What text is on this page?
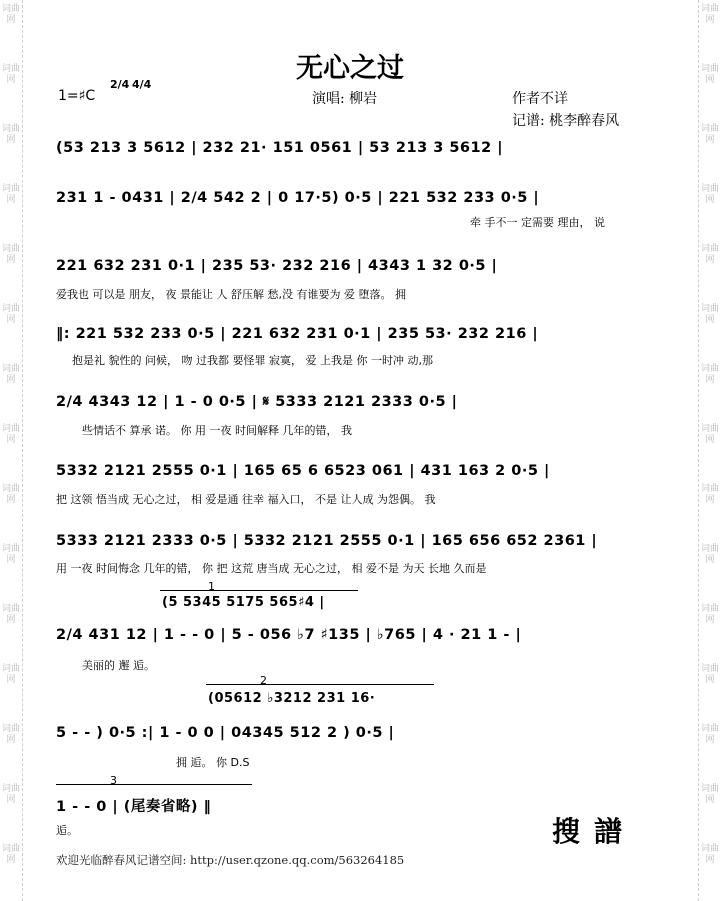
词曲网
词曲网
词曲网
词曲网
词曲网
词曲网
词曲网
词曲网
词曲网
词曲网
词曲网
词曲网
词曲网
词曲网
词曲网
词曲网
词曲网
词曲网
词曲网
词曲网
词曲网
词曲网
词曲网
词曲网
词曲网
词曲网
词曲网
词曲网
词曲网
词曲网
无心之过
1=♯C
2/4 4/4
演唱: 柳岩	作者不详
记谱: 桃李醉春风
(53 213 3 5612 | 232 21· 151 0561 | 53 213 3 5612 |
231 1 - 0431 | 2/4 542 2 | 0 17·5) 0·5 | 221 532 233 0·5 |
牵 手不一 定需要 理由， 说
221 632 231 0·1 | 235 53· 232 216 | 4343 1 32 0·5 |
爱我也 可以是 朋友， 夜 景能让 人 舒压解 愁,没 有谁要为 爱 堕落。 拥
‖: 221 532 233 0·5 | 221 632 231 0·1 | 235 53· 232 216 |
抱是礼 貌性的 问候， 吻 过我都 要怪罪 寂寞， 爱 上我是 你 一时冲 动,那
2/4 4343 12 | 1 - 0 0·5 | 𝄋 5333 2121 2333 0·5 |
些情话不 算承 诺。 你 用 一夜 时间解释 几年的错， 我
5332 2121 2555 0·1 | 165 65 6 6523 061 | 431 163 2 0·5 |
把 这领 悟当成 无心之过， 相 爱是通 往幸 福入口， 不是 让人成 为怨偶。 我
5333 2121 2333 0·5 | 5332 2121 2555 0·1 | 165 656 652 2361 |
用 一夜 时间悔念 几年的错， 你 把 这荒 唐当成 无心之过， 相 爱不是 为天 长地 久而是
1
(5 5345 5175 565♯4 |
2/4 431 12 | 1 - - 0 | 5 - 056 ♭7 ♯135 | ♭765 | 4 · 21 1 - |
美丽的 邂 逅。
2
(05612 ♭3212 231 16·
5 - - ) 0·5 :| 1 - 0 0 | 04345 512 2 ) 0·5 |
拥 逅。 你 D.S
3
1 - - 0 | (尾奏省略) ‖
逅。	搜譜
欢迎光临醉春风记谱空间: http://user.qzone.qq.com/563264185
